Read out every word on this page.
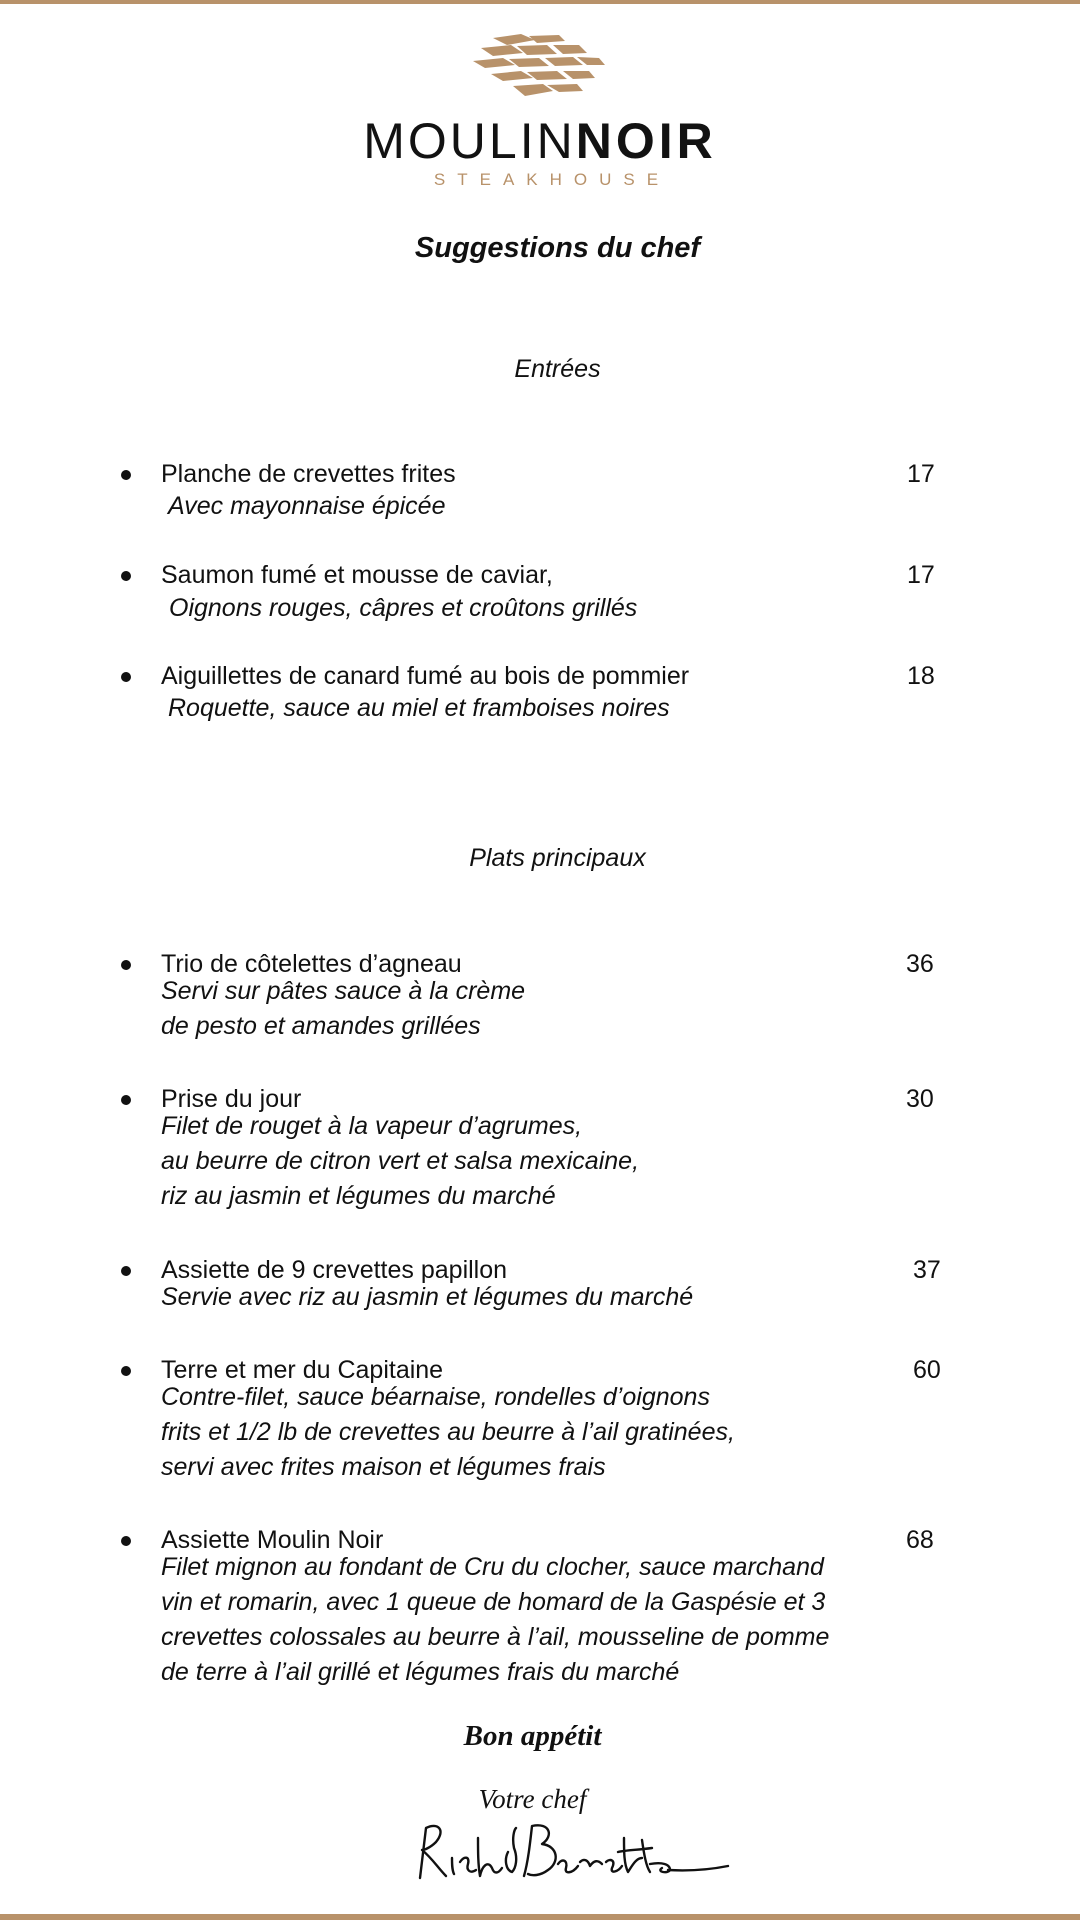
MOULINNOIR
STEAKHOUSE
Suggestions du chef
Entrées
Planche de crevettes frites	17
Avec mayonnaise épicée
Saumon fumé et mousse de caviar,	17
Oignons rouges, câpres et croûtons grillés
Aiguillettes de canard fumé au bois de pommier	18
Roquette, sauce au miel et framboises noires
Plats principaux
Trio de côtelettes d’agneau	36
Servi sur pâtes sauce à la crème
de pesto et amandes grillées
Prise du jour	30
Filet de rouget à la vapeur d’agrumes,
au beurre de citron vert et salsa mexicaine,
riz au jasmin et légumes du marché
Assiette de 9 crevettes papillon	37
Servie avec riz au jasmin et légumes du marché
Terre et mer du Capitaine	60
Contre-filet, sauce béarnaise, rondelles d’oignons
frits et 1/2 lb de crevettes au beurre à l’ail gratinées,
servi avec frites maison et légumes frais
Assiette Moulin Noir	68
Filet mignon au fondant de Cru du clocher, sauce marchand
vin et romarin, avec 1 queue de homard de la Gaspésie et 3
crevettes colossales au beurre à l’ail, mousseline de pomme
de terre à l’ail grillé et légumes frais du marché
Bon appétit
Votre chef
